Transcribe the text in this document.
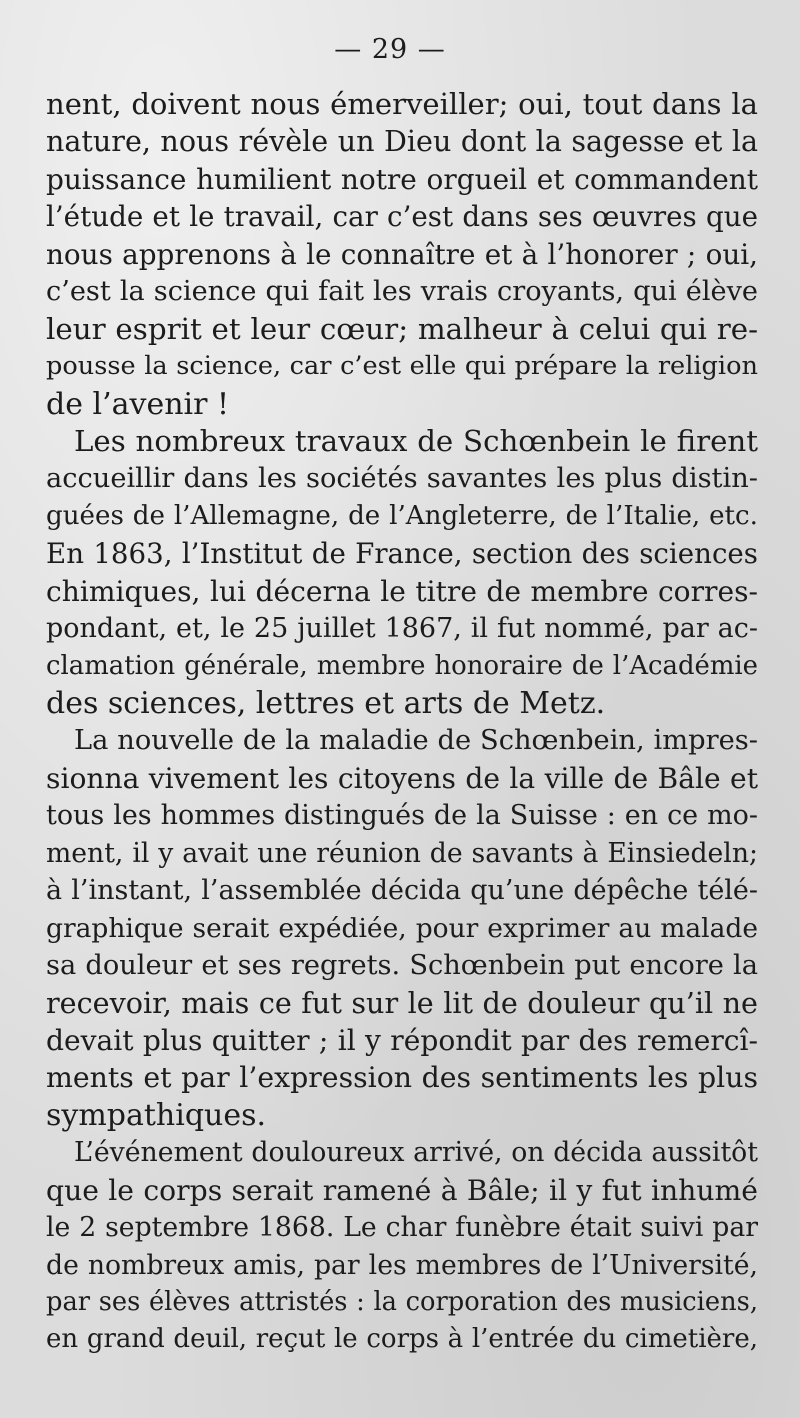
— 29 —
nent, doivent nous émerveiller; oui, tout dans la
nature, nous révèle un Dieu dont la sagesse et la
puissance humilient notre orgueil et commandent
l’étude et le travail, car c’est dans ses œuvres que
nous apprenons à le connaître et à l’honorer ; oui,
c’est la science qui fait les vrais croyants, qui élève
leur esprit et leur cœur; malheur à celui qui re-
pousse la science, car c’est elle qui prépare la religion
de l’avenir !
Les nombreux travaux de Schœnbein le firent
accueillir dans les sociétés savantes les plus distin-
guées de l’Allemagne, de l’Angleterre, de l’Italie, etc.
En 1863, l’Institut de France, section des sciences
chimiques, lui décerna le titre de membre corres-
pondant, et, le 25 juillet 1867, il fut nommé, par ac-
clamation générale, membre honoraire de l’Académie
des sciences, lettres et arts de Metz.
La nouvelle de la maladie de Schœnbein, impres-
sionna vivement les citoyens de la ville de Bâle et
tous les hommes distingués de la Suisse : en ce mo-
ment, il y avait une réunion de savants à Einsiedeln;
à l’instant, l’assemblée décida qu’une dépêche télé-
graphique serait expédiée, pour exprimer au malade
sa douleur et ses regrets. Schœnbein put encore la
recevoir, mais ce fut sur le lit de douleur qu’il ne
devait plus quitter ; il y répondit par des remercî-
ments et par l’expression des sentiments les plus
sympathiques.
L’événement douloureux arrivé, on décida aussitôt
que le corps serait ramené à Bâle; il y fut inhumé
le 2 septembre 1868. Le char funèbre était suivi par
de nombreux amis, par les membres de l’Université,
par ses élèves attristés : la corporation des musiciens,
en grand deuil, reçut le corps à l’entrée du cimetière,
